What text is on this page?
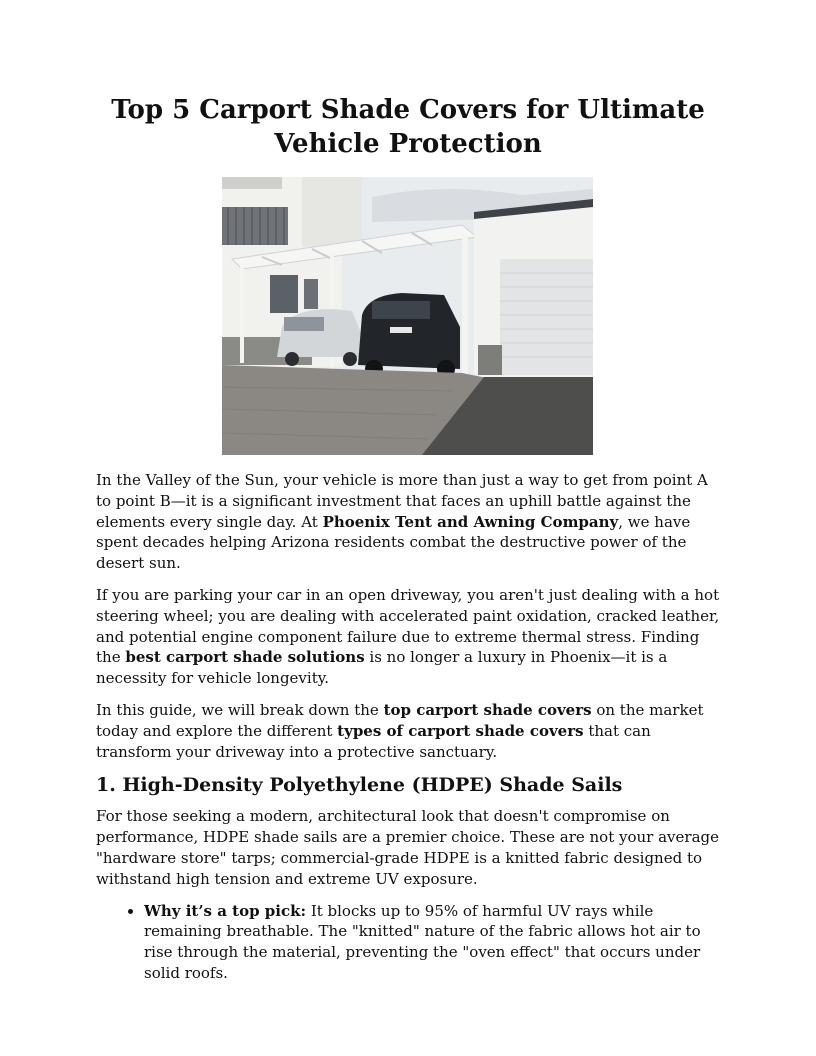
Top 5 Carport Shade Covers for Ultimate Vehicle Protection

In the Valley of the Sun, your vehicle is more than just a way to get from point A to point B—it is a significant investment that faces an uphill battle against the elements every single day. At Phoenix Tent and Awning Company, we have spent decades helping Arizona residents combat the destructive power of the desert sun.

If you are parking your car in an open driveway, you aren't just dealing with a hot steering wheel; you are dealing with accelerated paint oxidation, cracked leather, and potential engine component failure due to extreme thermal stress. Finding the best carport shade solutions is no longer a luxury in Phoenix—it is a necessity for vehicle longevity.

In this guide, we will break down the top carport shade covers on the market today and explore the different types of carport shade covers that can transform your driveway into a protective sanctuary.

1. High-Density Polyethylene (HDPE) Shade Sails

For those seeking a modern, architectural look that doesn't compromise on performance, HDPE shade sails are a premier choice. These are not your average "hardware store" tarps; commercial-grade HDPE is a knitted fabric designed to withstand high tension and extreme UV exposure.

• Why it’s a top pick: It blocks up to 95% of harmful UV rays while remaining breathable. The "knitted" nature of the fabric allows hot air to rise through the material, preventing the "oven effect" that occurs under solid roofs.
